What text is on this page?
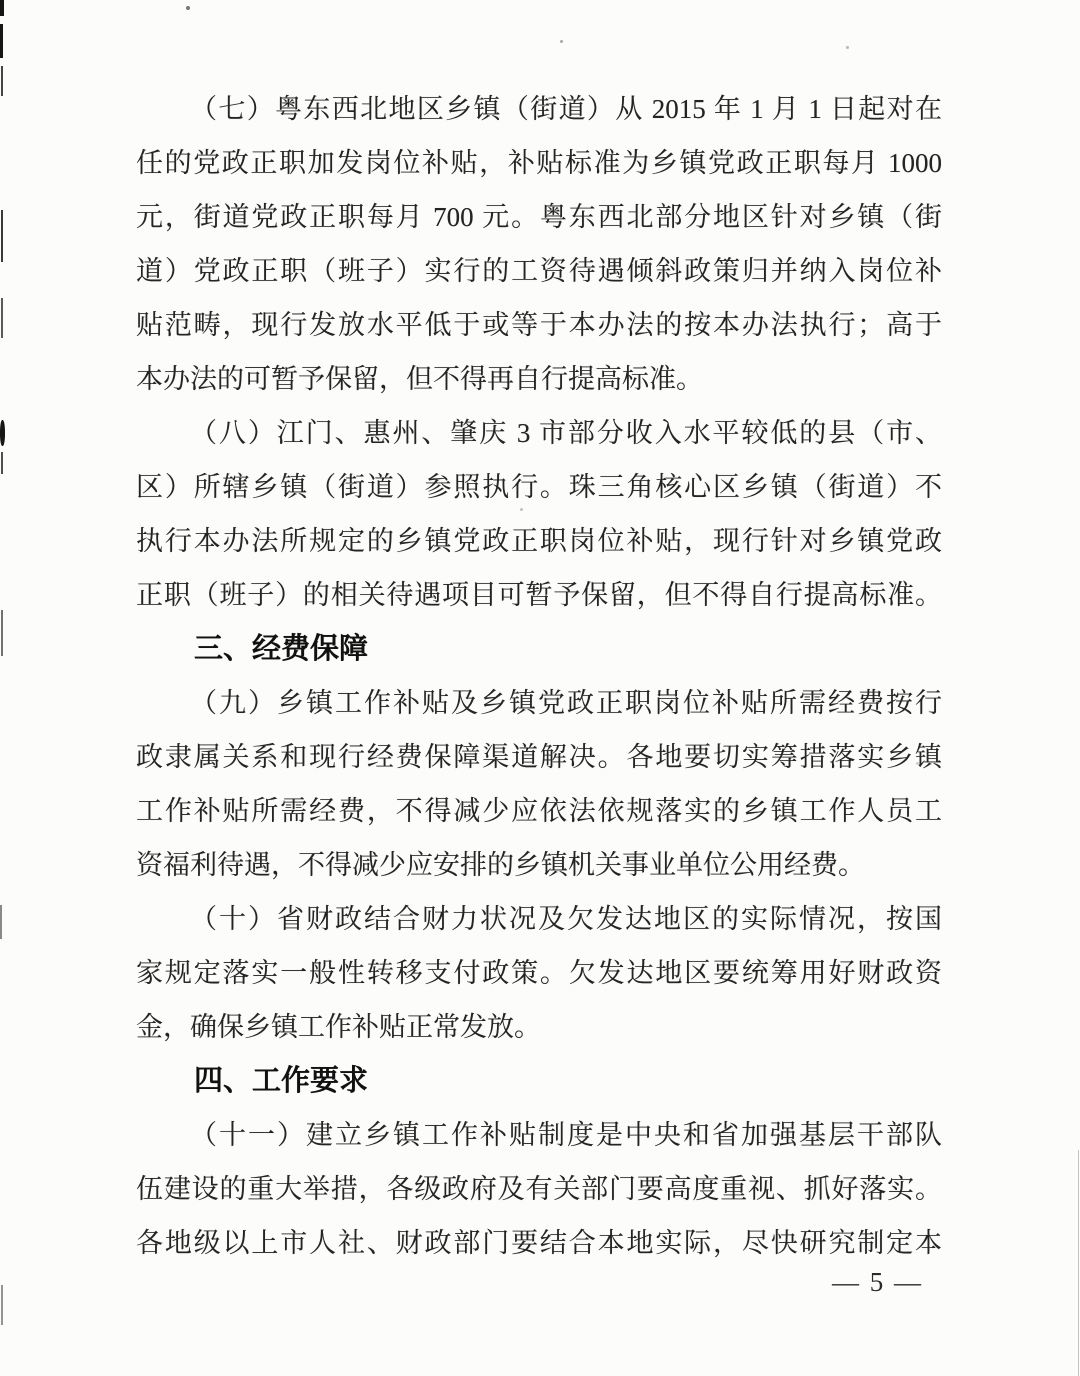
（七）粤东西北地区乡镇（街道）从 2015 年 1 月 1 日起对在
任的党政正职加发岗位补贴，补贴标准为乡镇党政正职每月 1000
元，街道党政正职每月 700 元。粤东西北部分地区针对乡镇（街
道）党政正职（班子）实行的工资待遇倾斜政策归并纳入岗位补
贴范畴，现行发放水平低于或等于本办法的按本办法执行；高于
本办法的可暂予保留，但不得再自行提高标准。
（八）江门、惠州、肇庆 3 市部分收入水平较低的县（市、
区）所辖乡镇（街道）参照执行。珠三角核心区乡镇（街道）不
执行本办法所规定的乡镇党政正职岗位补贴，现行针对乡镇党政
正职（班子）的相关待遇项目可暂予保留，但不得自行提高标准。
三、经费保障
（九）乡镇工作补贴及乡镇党政正职岗位补贴所需经费按行
政隶属关系和现行经费保障渠道解决。各地要切实筹措落实乡镇
工作补贴所需经费，不得减少应依法依规落实的乡镇工作人员工
资福利待遇，不得减少应安排的乡镇机关事业单位公用经费。
（十）省财政结合财力状况及欠发达地区的实际情况，按国
家规定落实一般性转移支付政策。欠发达地区要统筹用好财政资
金，确保乡镇工作补贴正常发放。
四、工作要求
（十一）建立乡镇工作补贴制度是中央和省加强基层干部队
伍建设的重大举措，各级政府及有关部门要高度重视、抓好落实。
各地级以上市人社、财政部门要结合本地实际，尽快研究制定本
— 5 —
